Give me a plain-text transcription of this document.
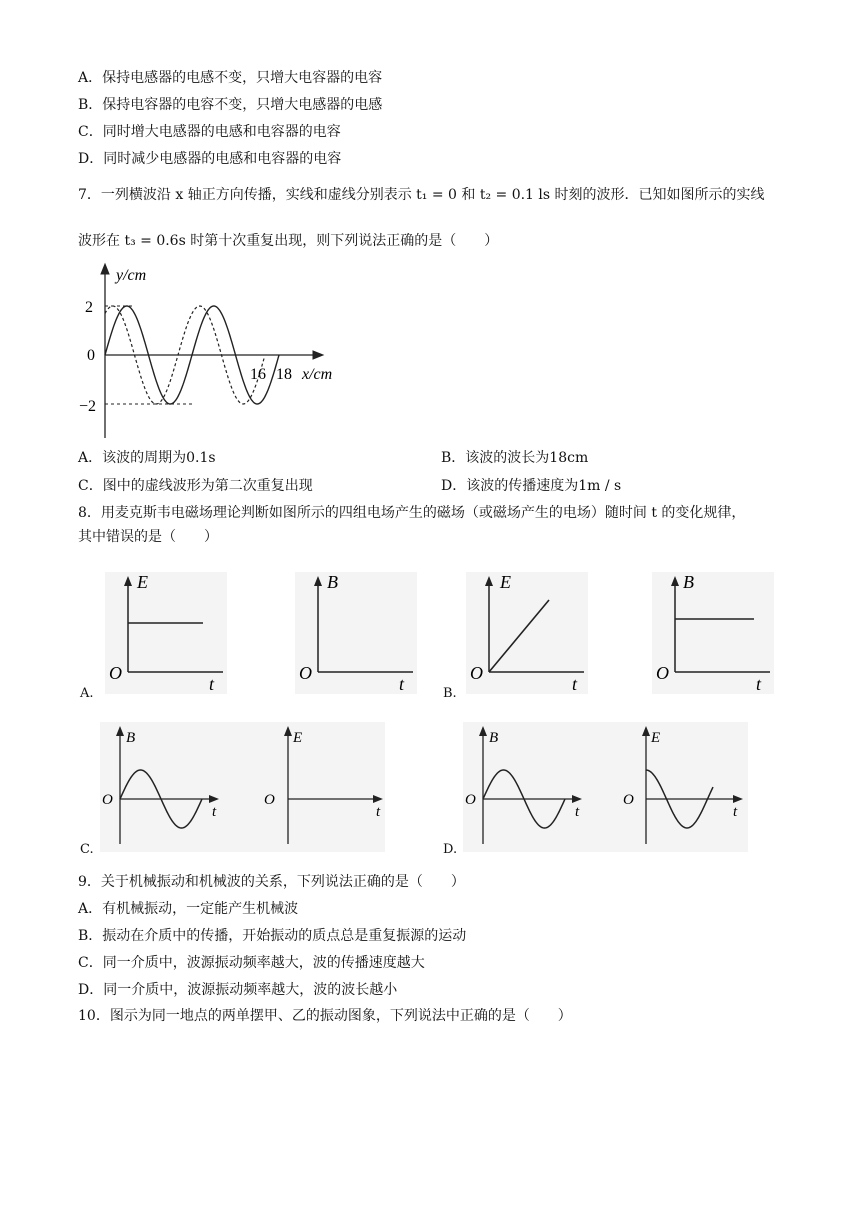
A．保持电感器的电感不变，只增大电容器的电容
B．保持电容器的电容不变，只增大电感器的电感
C．同时增大电感器的电感和电容器的电容
D．同时减少电感器的电感和电容器的电容
7．一列横波沿 x 轴正方向传播，实线和虚线分别表示 t₁ = 0 和 t₂ = 0.1 ls 时刻的波形．已知如图所示的实线
波形在 t₃ = 0.6s 时第十次重复出现，则下列说法正确的是（　　）
y/cm
2
0
−2
16 18 x/cm
A．该波的周期为0.1s	B．该波的波长为18cm
C．图中的虚线波形为第二次重复出现	D．该波的传播速度为1m / s
8．用麦克斯韦电磁场理论判断如图所示的四组电场产生的磁场（或磁场产生的电场）随时间 t 的变化规律，
其中错误的是（　　）
E
O
t
B
O
t
E
O
t
B
O
t
A.	B.
B
O
t
E
O
t
B
O
t
E
O
t
C.	D.
9．关于机械振动和机械波的关系，下列说法正确的是（　　）
A．有机械振动，一定能产生机械波
B．振动在介质中的传播，开始振动的质点总是重复振源的运动
C．同一介质中，波源振动频率越大，波的传播速度越大
D．同一介质中，波源振动频率越大，波的波长越小
10．图示为同一地点的两单摆甲、乙的振动图象，下列说法中正确的是（　　）
